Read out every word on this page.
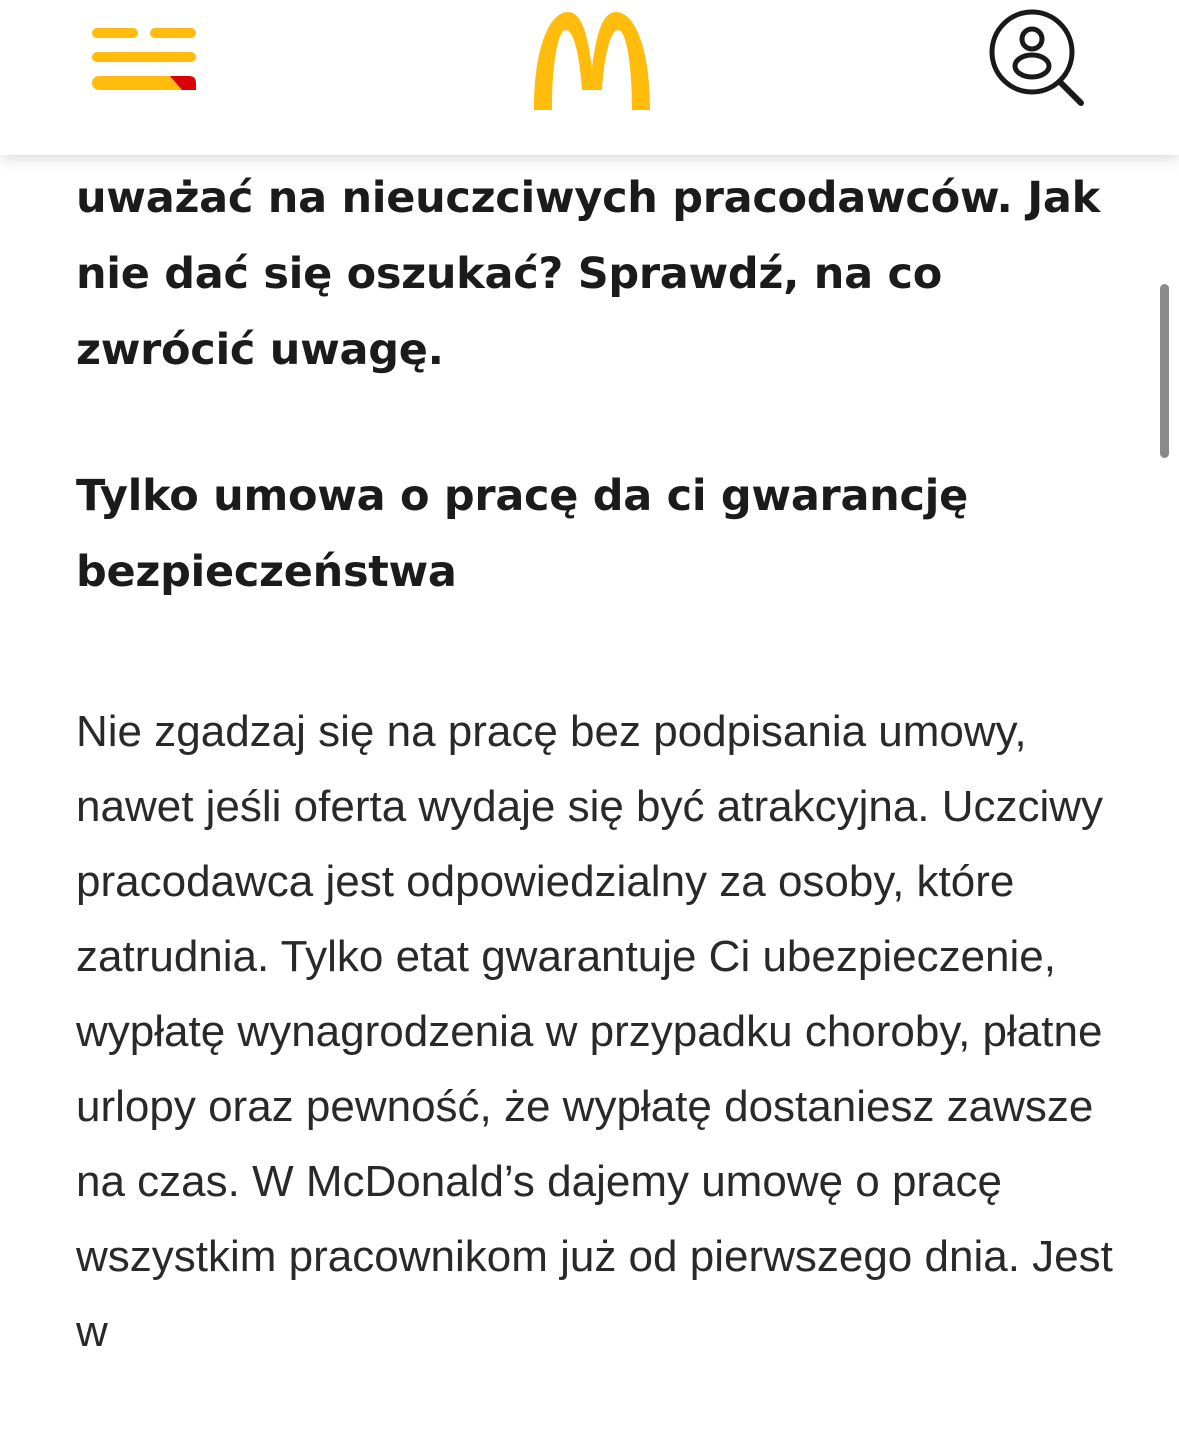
uważać na nieuczciwych pracodawców. Jak nie dać się oszukać? Sprawdź, na co zwrócić uwagę.

Tylko umowa o pracę da ci gwarancję bezpieczeństwa

Nie zgadzaj się na pracę bez podpisania umowy, nawet jeśli oferta wydaje się być atrakcyjna. Uczciwy pracodawca jest odpowiedzialny za osoby, które zatrudnia. Tylko etat gwarantuje Ci ubezpieczenie, wypłatę wynagrodzenia w przypadku choroby, płatne urlopy oraz pewność, że wypłatę dostaniesz zawsze na czas. W McDonald’s dajemy umowę o pracę wszystkim pracownikom już od pierwszego dnia. Jest w
